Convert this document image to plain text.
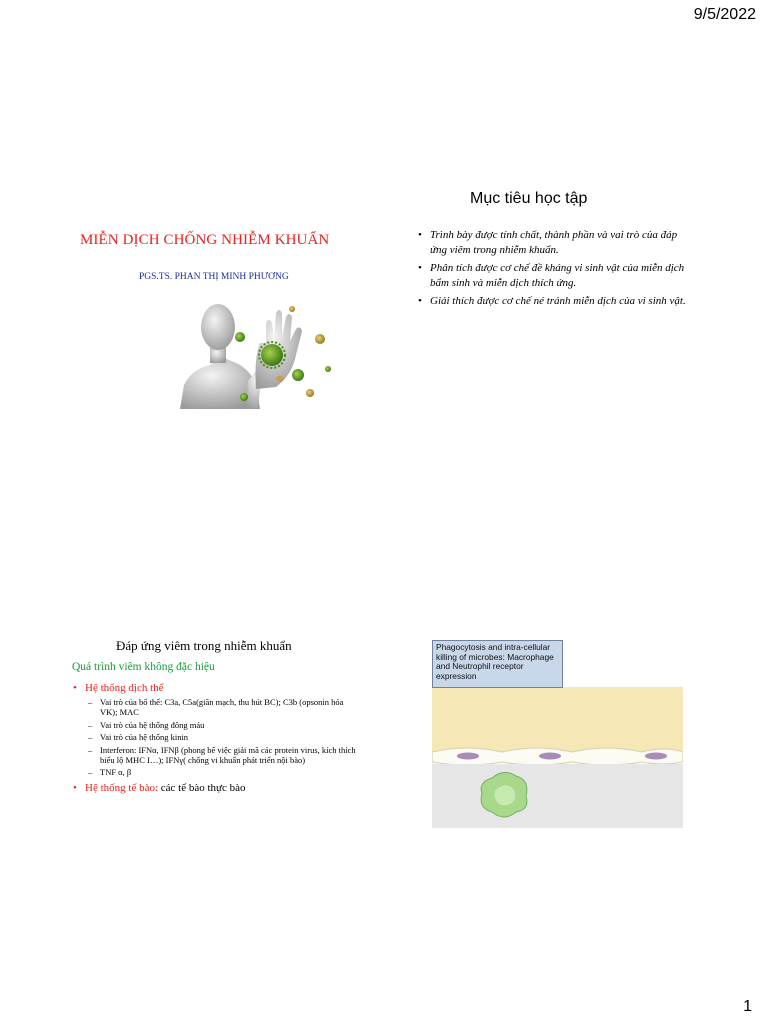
9/5/2022
MIỄN DỊCH CHỐNG NHIỄM KHUẨN
PGS.TS. PHAN THỊ MINH PHƯƠNG
Mục tiêu học tập
• Trình bày được tính chất, thành phần và vai trò của đáp ứng viêm trong nhiễm khuẩn.
• Phân tích được cơ chế đề kháng vi sinh vật của miễn dịch bẩm sinh và miễn dịch thích ứng.
• Giải thích được cơ chế né tránh miễn dịch của vi sinh vật.
Đáp ứng viêm trong nhiễm khuẩn
Quá trình viêm không đặc hiệu
• Hệ thống dịch thể
– Vai trò của bổ thể: C3a, C5a(giãn mạch, thu hút BC); C3b (opsonin hóa VK); MAC
– Vai trò của hệ thống đông máu
– Vai trò của hệ thống kinin
– Interferon: IFNα, IFNβ (phong bế việc giải mã các protein virus, kích thích biểu lộ MHC I…); IFNγ( chống vi khuẩn phát triển nội bào)
– TNF α, β
• Hệ thống tế bào: các tế bào thực bào
Phagocytosis and intra-cellular killing of microbes: Macrophage and Neutrophil receptor expression
1
